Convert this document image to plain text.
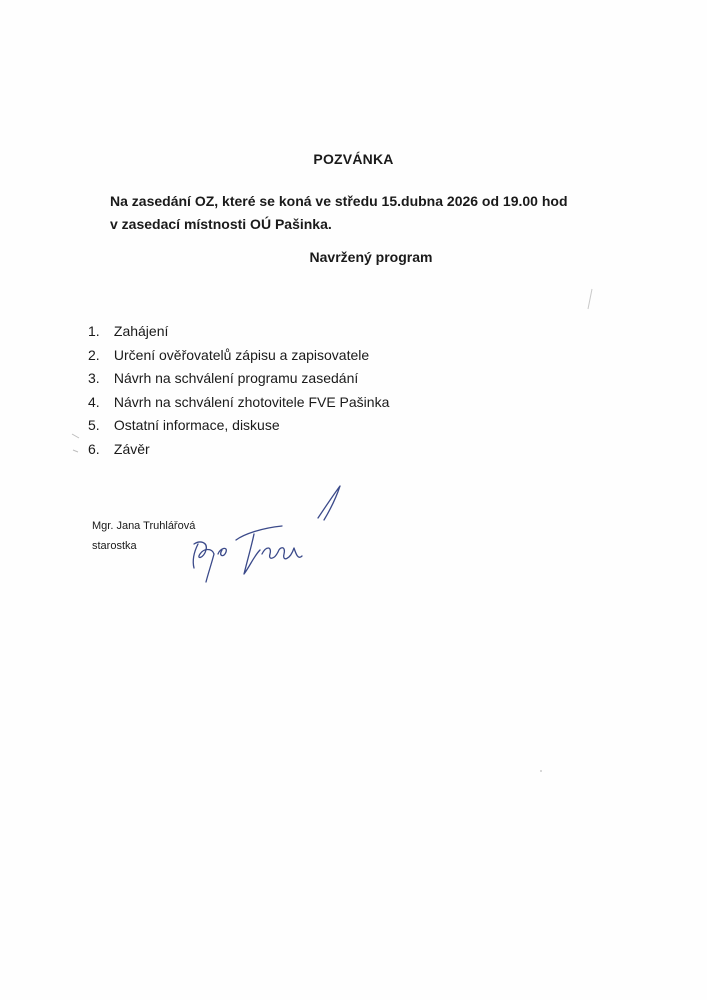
POZVÁNKA
Na zasedání OZ, které se koná ve středu 15.dubna 2026 od 19.00 hod
v zasedací místnosti OÚ Pašinka.
Navržený program
1. Zahájení
2. Určení ověřovatelů zápisu a zapisovatele
3. Návrh na schválení programu zasedání
4. Návrh na schválení zhotovitele FVE Pašinka
5. Ostatní informace, diskuse
6. Závěr
Mgr. Jana Truhlářová
starostka
